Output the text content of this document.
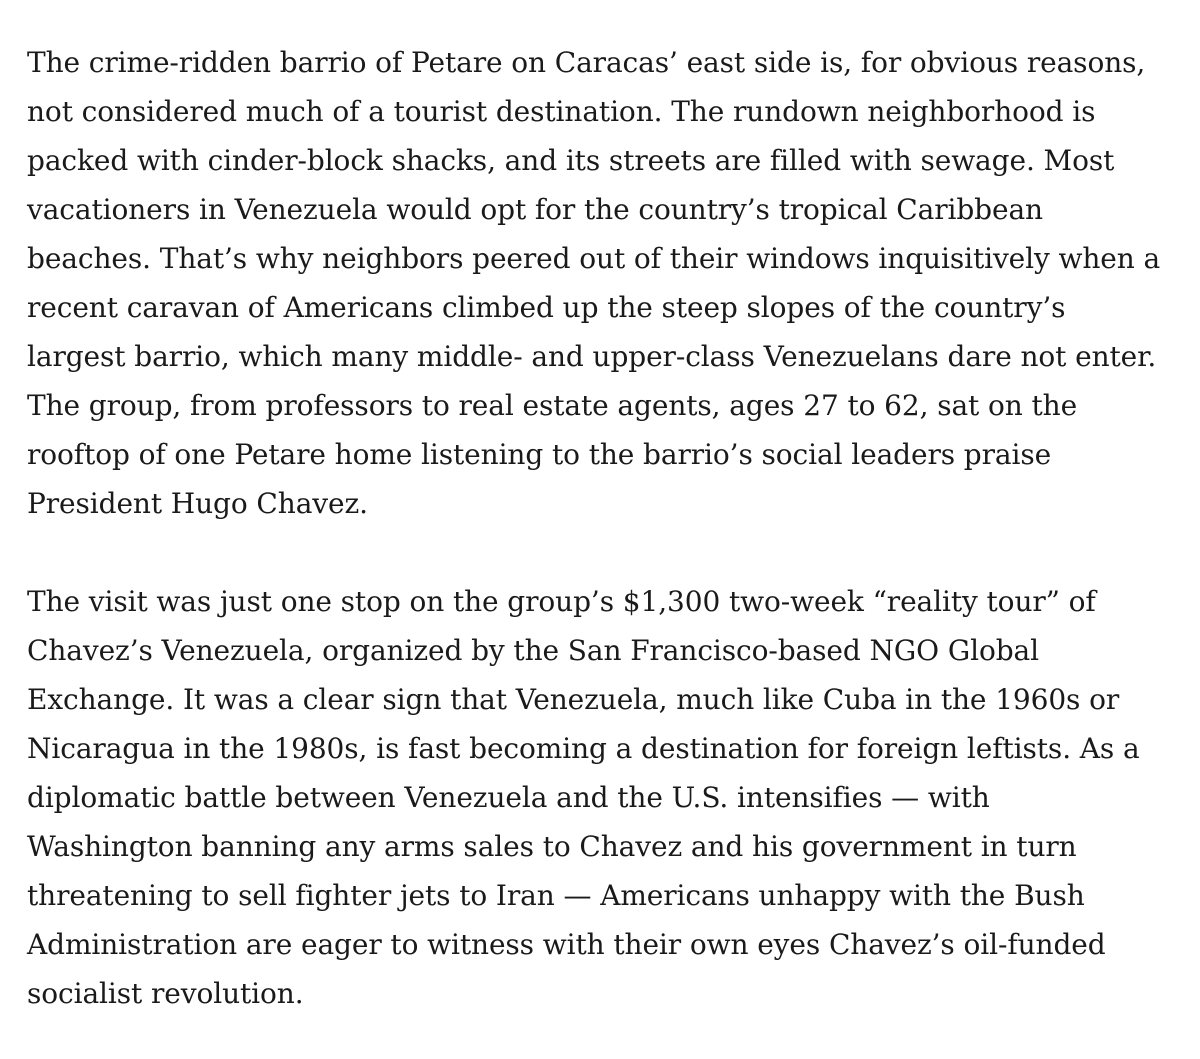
The crime-ridden barrio of Petare on Caracas’ east side is, for obvious reasons,
not considered much of a tourist destination. The rundown neighborhood is
packed with cinder-block shacks, and its streets are filled with sewage. Most
vacationers in Venezuela would opt for the country’s tropical Caribbean
beaches. That’s why neighbors peered out of their windows inquisitively when a
recent caravan of Americans climbed up the steep slopes of the country’s
largest barrio, which many middle- and upper-class Venezuelans dare not enter.
The group, from professors to real estate agents, ages 27 to 62, sat on the
rooftop of one Petare home listening to the barrio’s social leaders praise
President Hugo Chavez.

The visit was just one stop on the group’s $1,300 two-week “reality tour” of
Chavez’s Venezuela, organized by the San Francisco-based NGO Global
Exchange. It was a clear sign that Venezuela, much like Cuba in the 1960s or
Nicaragua in the 1980s, is fast becoming a destination for foreign leftists. As a
diplomatic battle between Venezuela and the U.S. intensifies — with
Washington banning any arms sales to Chavez and his government in turn
threatening to sell fighter jets to Iran — Americans unhappy with the Bush
Administration are eager to witness with their own eyes Chavez’s oil-funded
socialist revolution.
